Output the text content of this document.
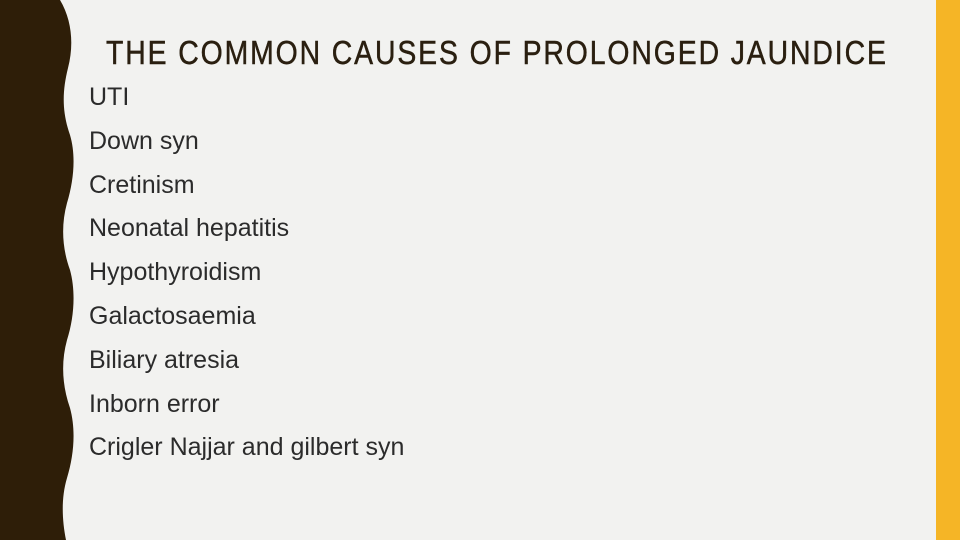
THE COMMON CAUSES OF PROLONGED JAUNDICE
UTI
Down syn
Cretinism
Neonatal hepatitis
Hypothyroidism
Galactosaemia
Biliary atresia
Inborn error
Crigler Najjar and gilbert syn
